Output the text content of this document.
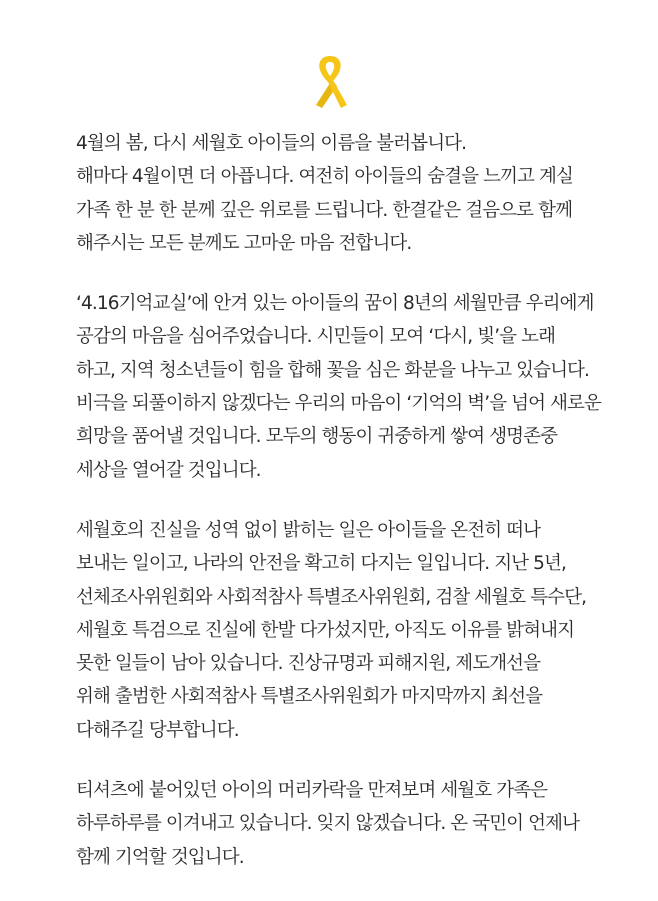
4월의 봄, 다시 세월호 아이들의 이름을 불러봅니다.
해마다 4월이면 더 아픕니다. 여전히 아이들의 숨결을 느끼고 계실
가족 한 분 한 분께 깊은 위로를 드립니다. 한결같은 걸음으로 함께
해주시는 모든 분께도 고마운 마음 전합니다.

‘4.16기억교실’에 안겨 있는 아이들의 꿈이 8년의 세월만큼 우리에게
공감의 마음을 심어주었습니다. 시민들이 모여 ‘다시, 빛’을 노래
하고, 지역 청소년들이 힘을 합해 꽃을 심은 화분을 나누고 있습니다.
비극을 되풀이하지 않겠다는 우리의 마음이 ‘기억의 벽’을 넘어 새로운
희망을 품어낼 것입니다. 모두의 행동이 귀중하게 쌓여 생명존중
세상을 열어갈 것입니다.

세월호의 진실을 성역 없이 밝히는 일은 아이들을 온전히 떠나
보내는 일이고, 나라의 안전을 확고히 다지는 일입니다. 지난 5년,
선체조사위원회와 사회적참사 특별조사위원회, 검찰 세월호 특수단,
세월호 특검으로 진실에 한발 다가섰지만, 아직도 이유를 밝혀내지
못한 일들이 남아 있습니다. 진상규명과 피해지원, 제도개선을
위해 출범한 사회적참사 특별조사위원회가 마지막까지 최선을
다해주길 당부합니다.

티셔츠에 붙어있던 아이의 머리카락을 만져보며 세월호 가족은
하루하루를 이겨내고 있습니다. 잊지 않겠습니다. 온 국민이 언제나
함께 기억할 것입니다.
